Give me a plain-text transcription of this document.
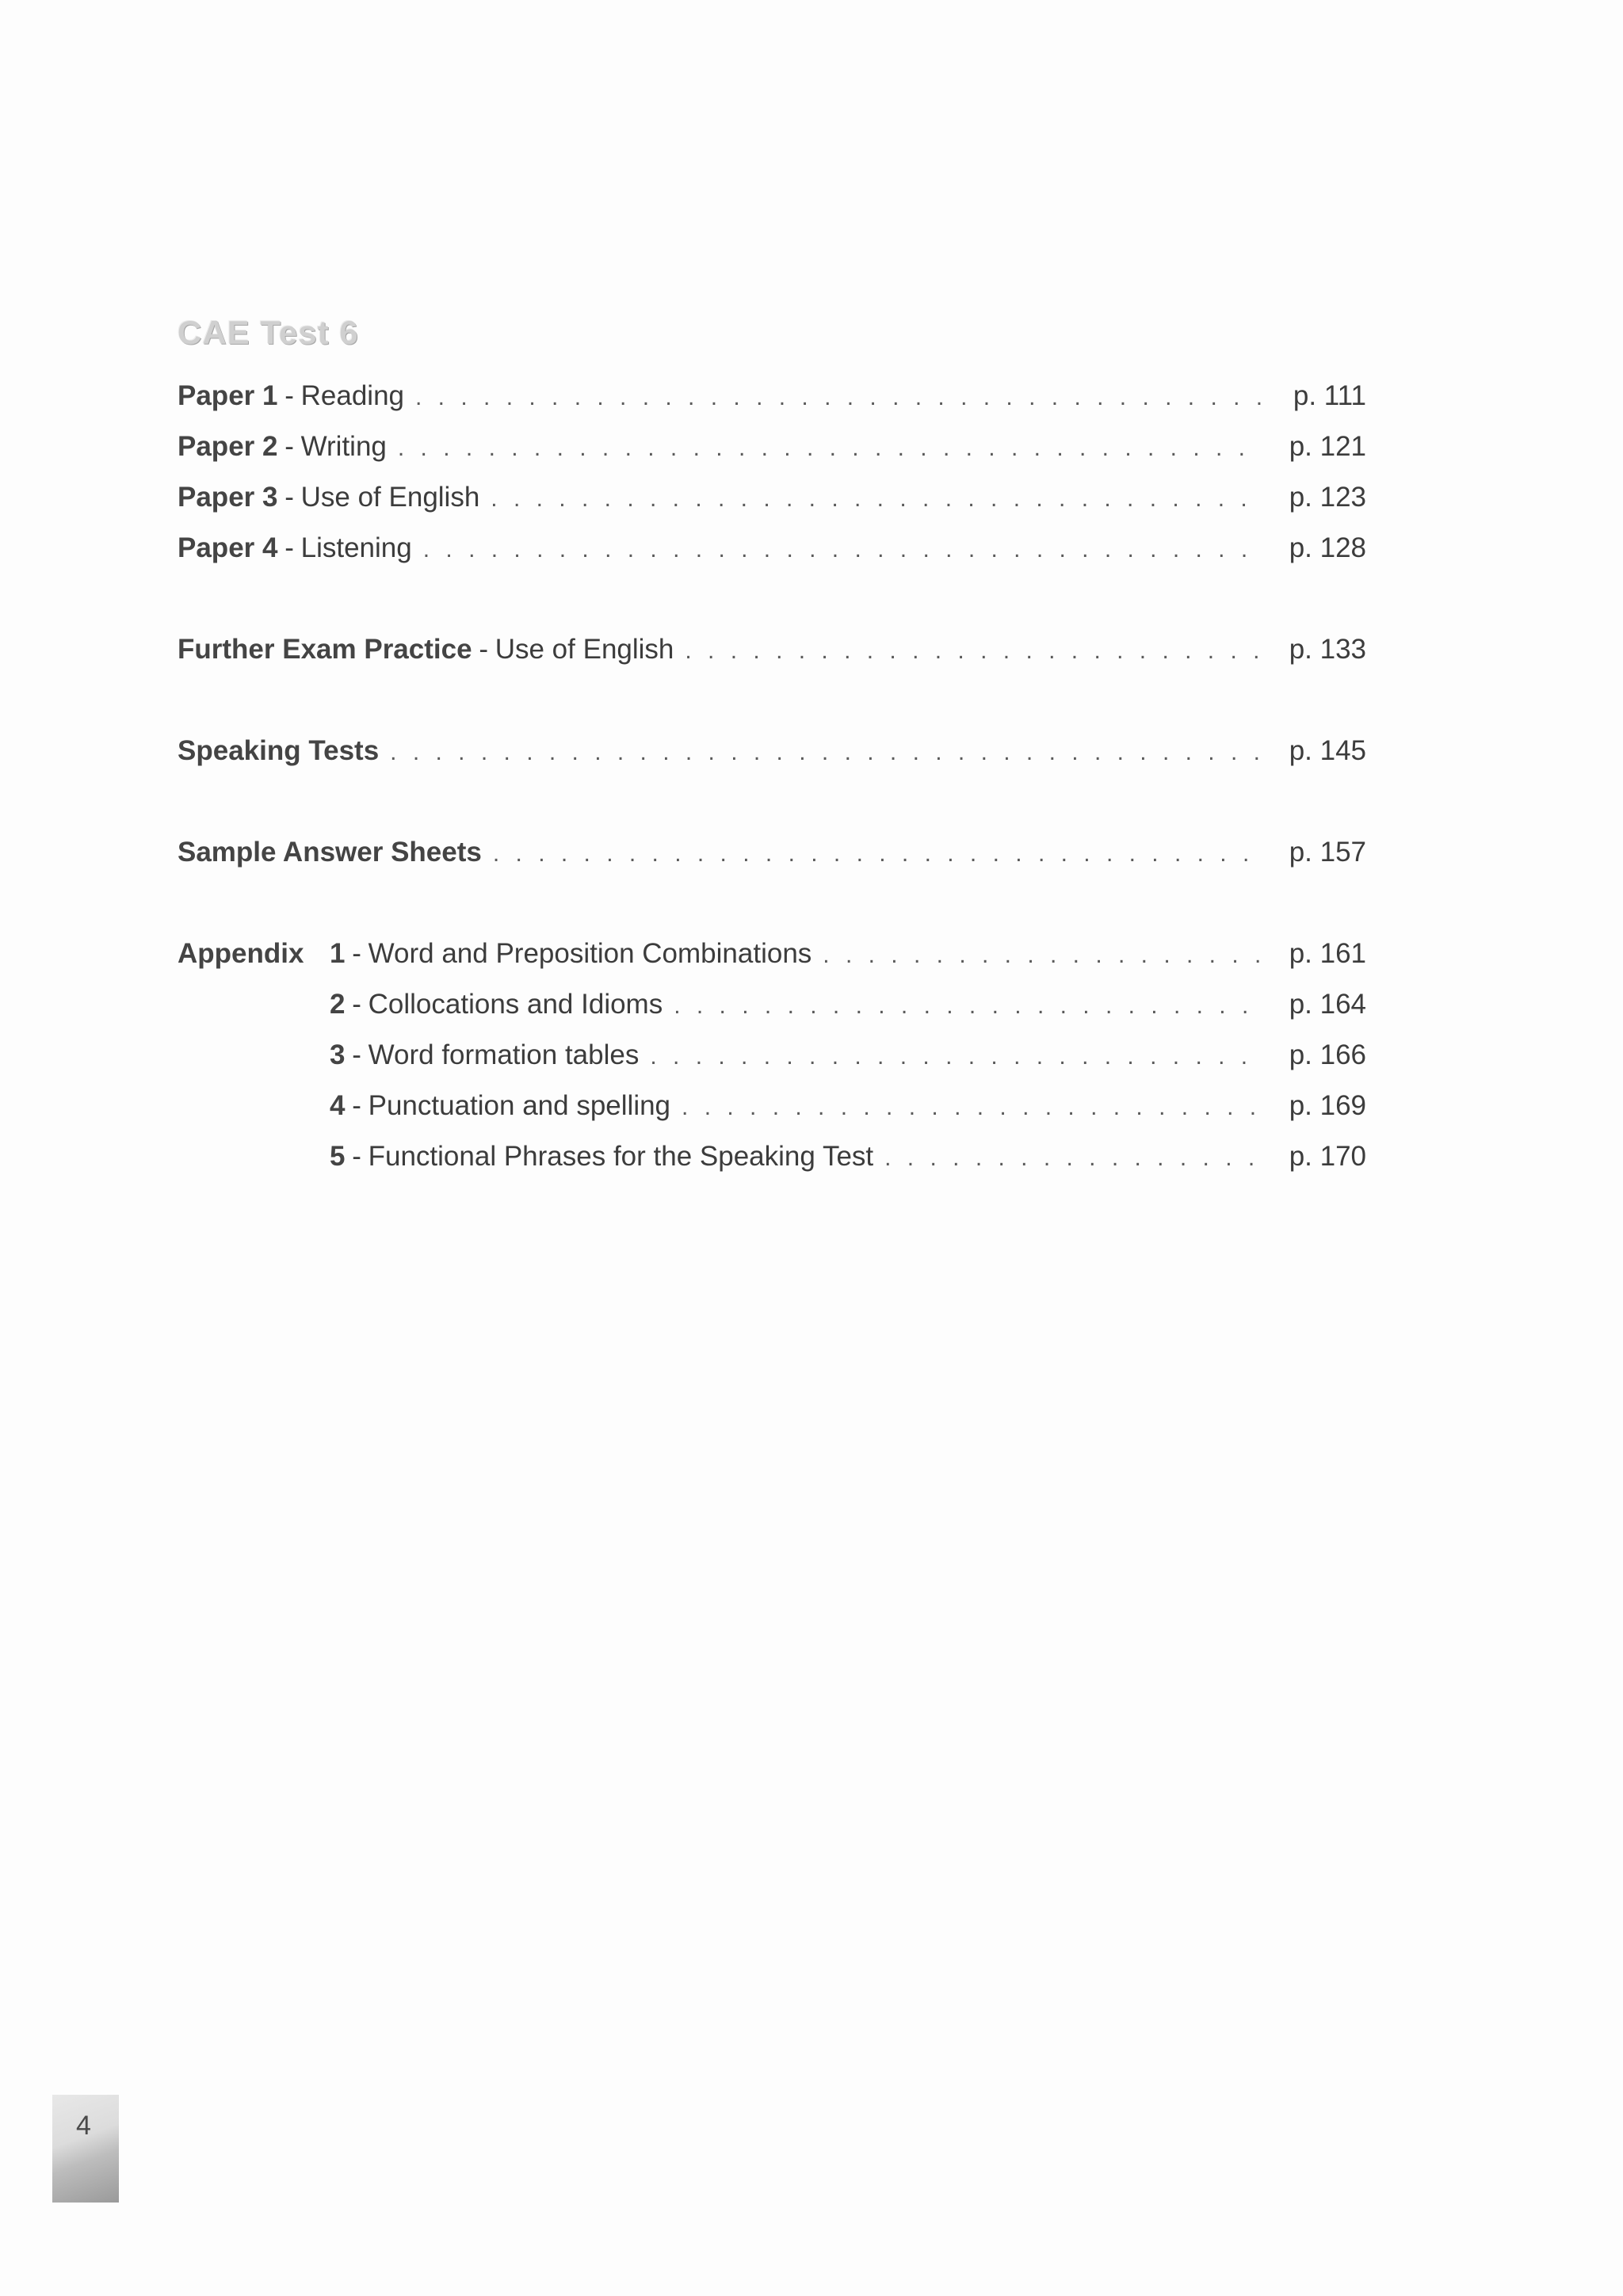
CAE Test 6
Paper 1 - Reading . . .	p. 111
Paper 2 - Writing . . .	p. 121
Paper 3 - Use of English . . .	p. 123
Paper 4 - Listening . . .	p. 128
Further Exam Practice - Use of English . . .	p. 133
Speaking Tests . . .	p. 145
Sample Answer Sheets . . .	p. 157
Appendix 1 - Word and Preposition Combinations . . .	p. 161
2 - Collocations and Idioms . . .	p. 164
3 - Word formation tables . . .	p. 166
4 - Punctuation and spelling . . .	p. 169
5 - Functional Phrases for the Speaking Test . . .	p. 170
4
